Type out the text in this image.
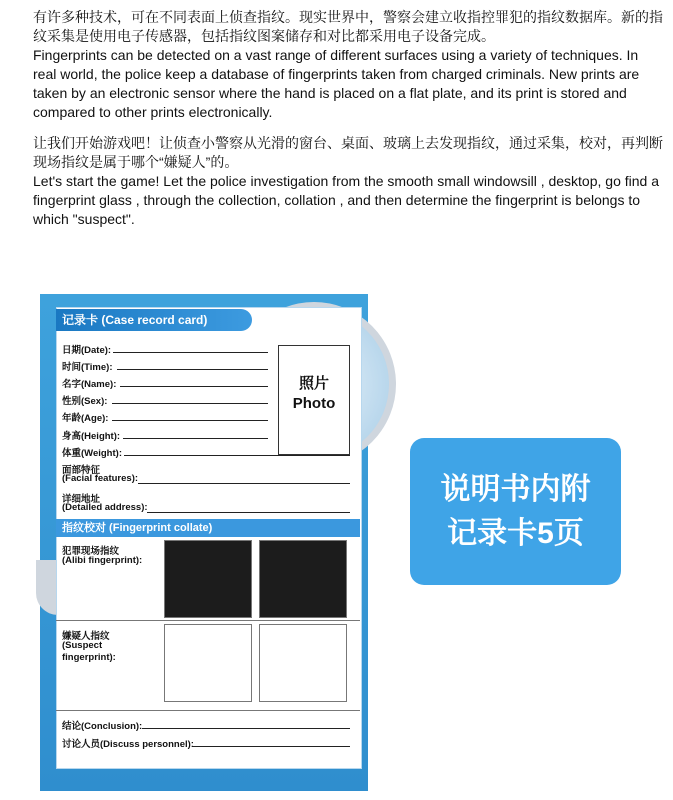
有许多种技术，可在不同表面上侦查指纹。现实世界中，警察会建立收指控罪犯的指纹数据库。新的指纹采集是使用电子传感器，包括指纹图案储存和对比都采用电子设备完成。

Fingerprints can be detected on a vast range of different surfaces using a variety of techniques. In real world, the police keep a database of fingerprints taken from charged criminals. New prints are taken by an electronic sensor where the hand is placed on a flat plate, and its print is stored and compared to other prints electronically.

让我们开始游戏吧！让侦查小警察从光滑的窗台、桌面、玻璃上去发现指纹，通过采集，校对，再判断现场指纹是属于哪个“嫌疑人”的。

Let's start the game! Let the police investigation from the smooth small windowsill , desktop, go find a fingerprint glass , through the collection, collation , and then determine the fingerprint is belongs to which "suspect".

记录卡 (Case record card)
日期(Date):
时间(Time):
名字(Name):
性别(Sex):
年龄(Age):
身高(Height):
体重(Weight):
面部特征
(Facial features):
详细地址
(Detailed address):
照片
Photo
指纹校对 (Fingerprint collate)
犯罪现场指纹
(Alibi fingerprint):
嫌疑人指纹
(Suspect
fingerprint):
结论(Conclusion):
讨论人员(Discuss personnel):
说明书内附
记录卡5页
